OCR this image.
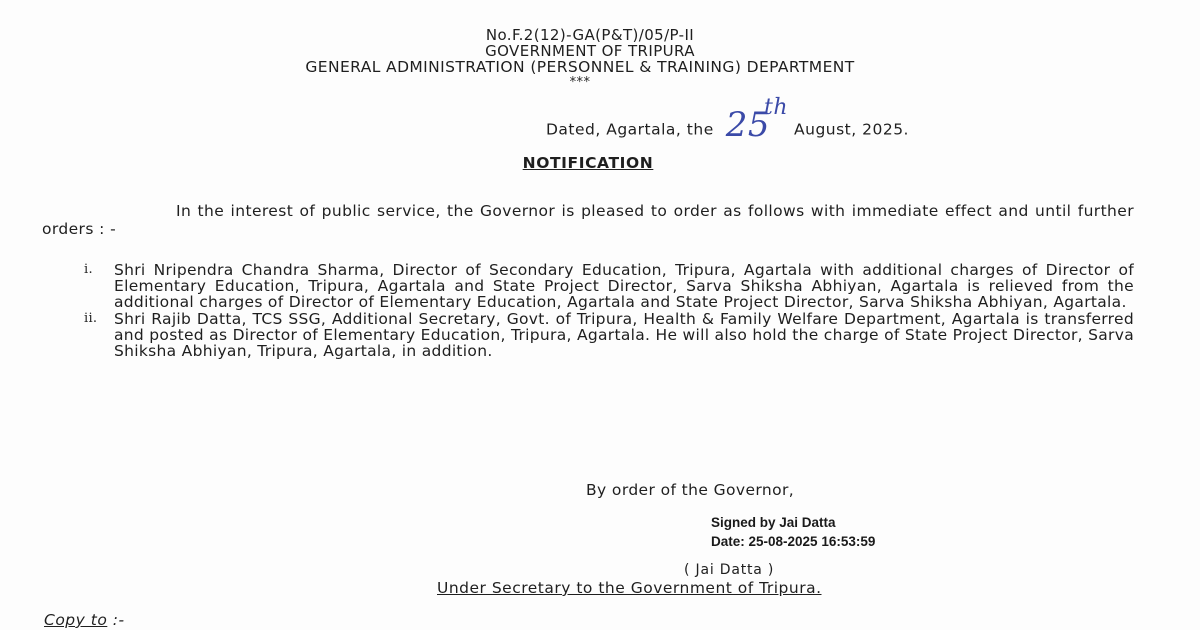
No.F.2(12)-GA(P&T)/05/P-II
GOVERNMENT OF TRIPURA
GENERAL ADMINISTRATION (PERSONNEL & TRAINING) DEPARTMENT
***
Dated, Agartala, the 25thAugust, 2025.
NOTIFICATION
In the interest of public service, the Governor is pleased to order as follows with immediate effect and until further orders : -
i. Shri Nripendra Chandra Sharma, Director of Secondary Education, Tripura, Agartala with additional charges of Director of Elementary Education, Tripura, Agartala and State Project Director, Sarva Shiksha Abhiyan, Agartala is relieved from the additional charges of Director of Elementary Education, Agartala and State Project Director, Sarva Shiksha Abhiyan, Agartala.
ii. Shri Rajib Datta, TCS SSG, Additional Secretary, Govt. of Tripura, Health & Family Welfare Department, Agartala is transferred and posted as Director of Elementary Education, Tripura, Agartala. He will also hold the charge of State Project Director, Sarva Shiksha Abhiyan, Tripura, Agartala, in addition.
By order of the Governor,
Signed by Jai Datta
Date: 25-08-2025 16:53:59
( Jai Datta )
Under Secretary to the Government of Tripura.
Copy to :-
